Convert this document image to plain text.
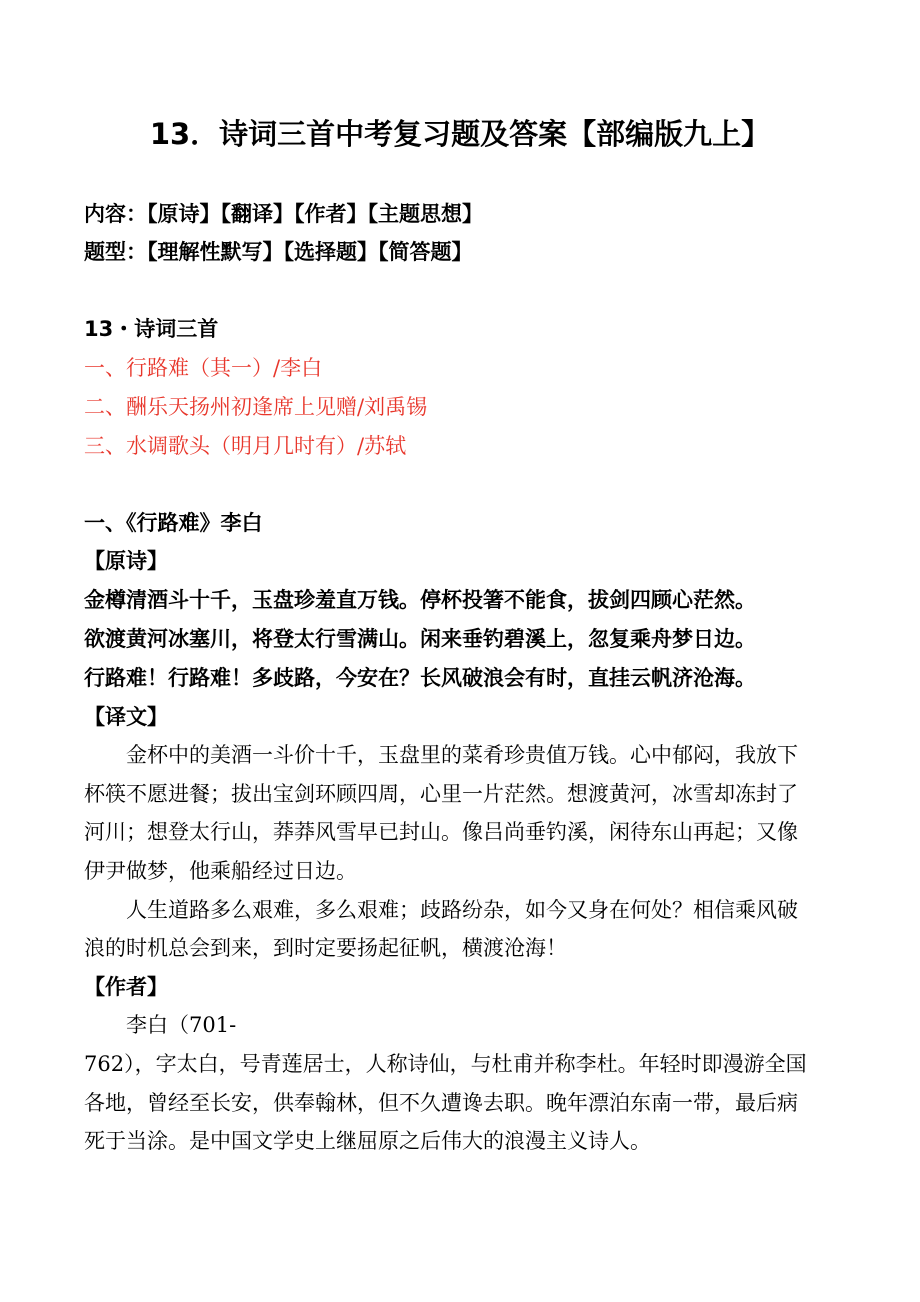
13．诗词三首中考复习题及答案【部编版九上】
内容：【原诗】【翻译】【作者】【主题思想】
题型：【理解性默写】【选择题】【简答题】
13・诗词三首
一、行路难（其一）/李白
二、酬乐天扬州初逢席上见赠/刘禹锡
三、水调歌头（明月几时有）/苏轼
一、《行路难》李白
【原诗】
金樽清酒斗十千，玉盘珍羞直万钱。停杯投箸不能食，拔剑四顾心茫然。
欲渡黄河冰塞川，将登太行雪满山。闲来垂钓碧溪上，忽复乘舟梦日边。
行路难！行路难！多歧路，今安在？长风破浪会有时，直挂云帆济沧海。
【译文】
金杯中的美酒一斗价十千，玉盘里的菜肴珍贵值万钱。心中郁闷，我放下
杯筷不愿进餐；拔出宝剑环顾四周，心里一片茫然。想渡黄河，冰雪却冻封了
河川；想登太行山，莽莽风雪早已封山。像吕尚垂钓溪，闲待东山再起；又像
伊尹做梦，他乘船经过日边。
人生道路多么艰难，多么艰难；歧路纷杂，如今又身在何处？相信乘风破
浪的时机总会到来，到时定要扬起征帆，横渡沧海！
【作者】
李白（701-
762），字太白，号青莲居士，人称诗仙，与杜甫并称李杜。年轻时即漫游全国
各地，曾经至长安，供奉翰林，但不久遭谗去职。晚年漂泊东南一带，最后病
死于当涂。是中国文学史上继屈原之后伟大的浪漫主义诗人。
